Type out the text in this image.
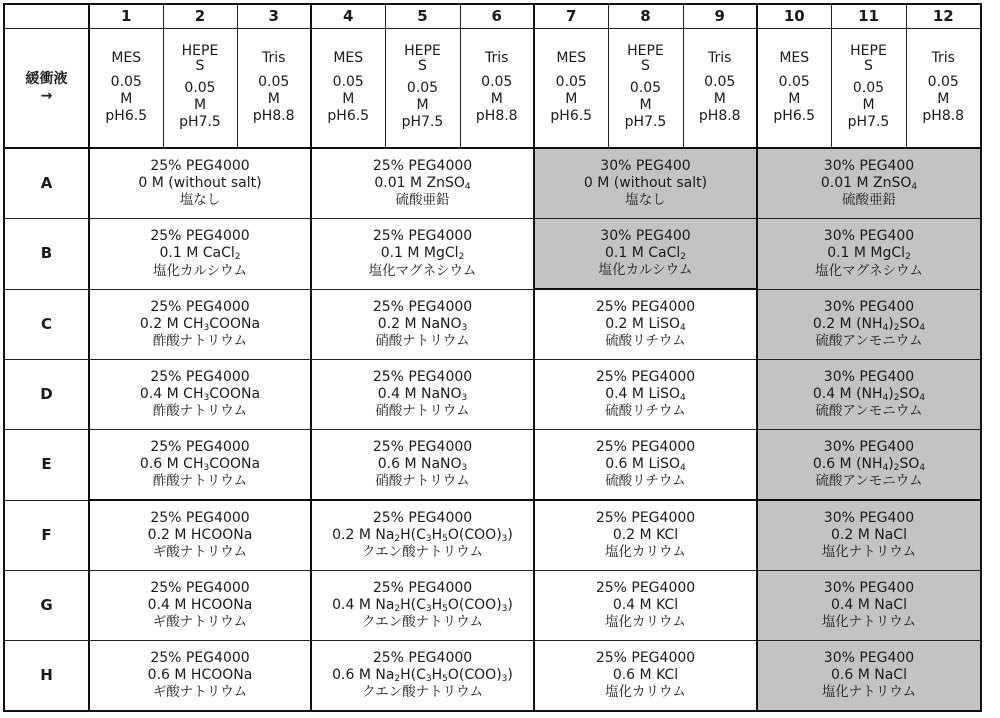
	1	2	3	4	5	6	7	8	9	10	11	12

緩衝液
→	MES
0.05
M
pH6.5	HEPES
0.05
M
pH7.5	Tris
0.05
M
pH8.8	MES
0.05
M
pH6.5	HEPES
0.05
M
pH7.5	Tris
0.05
M
pH8.8	MES
0.05
M
pH6.5	HEPES
0.05
M
pH7.5	Tris
0.05
M
pH8.8	MES
0.05
M
pH6.5	HEPES
0.05
M
pH7.5	Tris
0.05
M
pH8.8

A	25% PEG4000
0 M (without salt)
塩なし			25% PEG4000
0.01 M ZnSO$_4$
硫酸亜鉛			30% PEG400
0 M (without salt)
塩なし			30% PEG400
0.01 M ZnSO$_4$
硫酸亜鉛		

B	25% PEG4000
0.1 M CaCl$_2$
塩化カルシウム			25% PEG4000
0.1 M MgCl$_2$
塩化マグネシウム			30% PEG400
0.1 M CaCl$_2$
塩化カルシウム			30% PEG400
0.1 M MgCl$_2$
塩化マグネシウム		

C	25% PEG4000
0.2 M $CH_3COONa$
酢酸ナトリウム			25% PEG4000
0.2 M NaNO$_3$
硝酸ナトリウム			25% PEG4000
0.2 M LiSO$_4$
硫酸リチウム			30% PEG400
0.2 M $(NH_4)_2SO_4$
硫酸アンモニウム		

D	25% PEG4000
0.4 M $CH_3COONa$
酢酸ナトリウム			25% PEG4000
0.4 M NaNO$_3$
硝酸ナトリウム			25% PEG4000
0.4 M LiSO$_4$
硫酸リチウム			30% PEG400
0.4 M $(NH_4)_2SO_4$
硫酸アンモニウム		

E	25% PEG4000
0.6 M $CH_3COONa$
酢酸ナトリウム			25% PEG4000
0.6 M NaNO$_3$
硝酸ナトリウム			25% PEG4000
0.6 M LiSO$_4$
硫酸リチウム			30% PEG400
0.6 M $(NH_4)_2SO_4$
硫酸アンモニウム		

F	25% PEG4000
0.2 M HCOONa
ギ酸ナトリウム			25% PEG4000
0.2 M $Na_2H(C_3H_5O(COO)_3)$
クエン酸ナトリウム			25% PEG4000
0.2 M KCl
塩化カリウム			30% PEG400
0.2 M NaCl
塩化ナトリウム		

G	25% PEG4000
0.4 M HCOONa
ギ酸ナトリウム			25% PEG4000
0.4 M $Na_2H(C_3H_5O(COO)_3)$
クエン酸ナトリウム			25% PEG4000
0.4 M KCl
塩化カリウム			30% PEG400
0.4 M NaCl
塩化ナトリウム		

H	25% PEG4000
0.6 M HCOONa
ギ酸ナトリウム			25% PEG4000
0.6 M $Na_2H(C_3H_5O(COO)_3)$
クエン酸ナトリウム			25% PEG4000
0.6 M KCl
塩化カリウム			30% PEG400
0.6 M NaCl
塩化ナトリウム		
